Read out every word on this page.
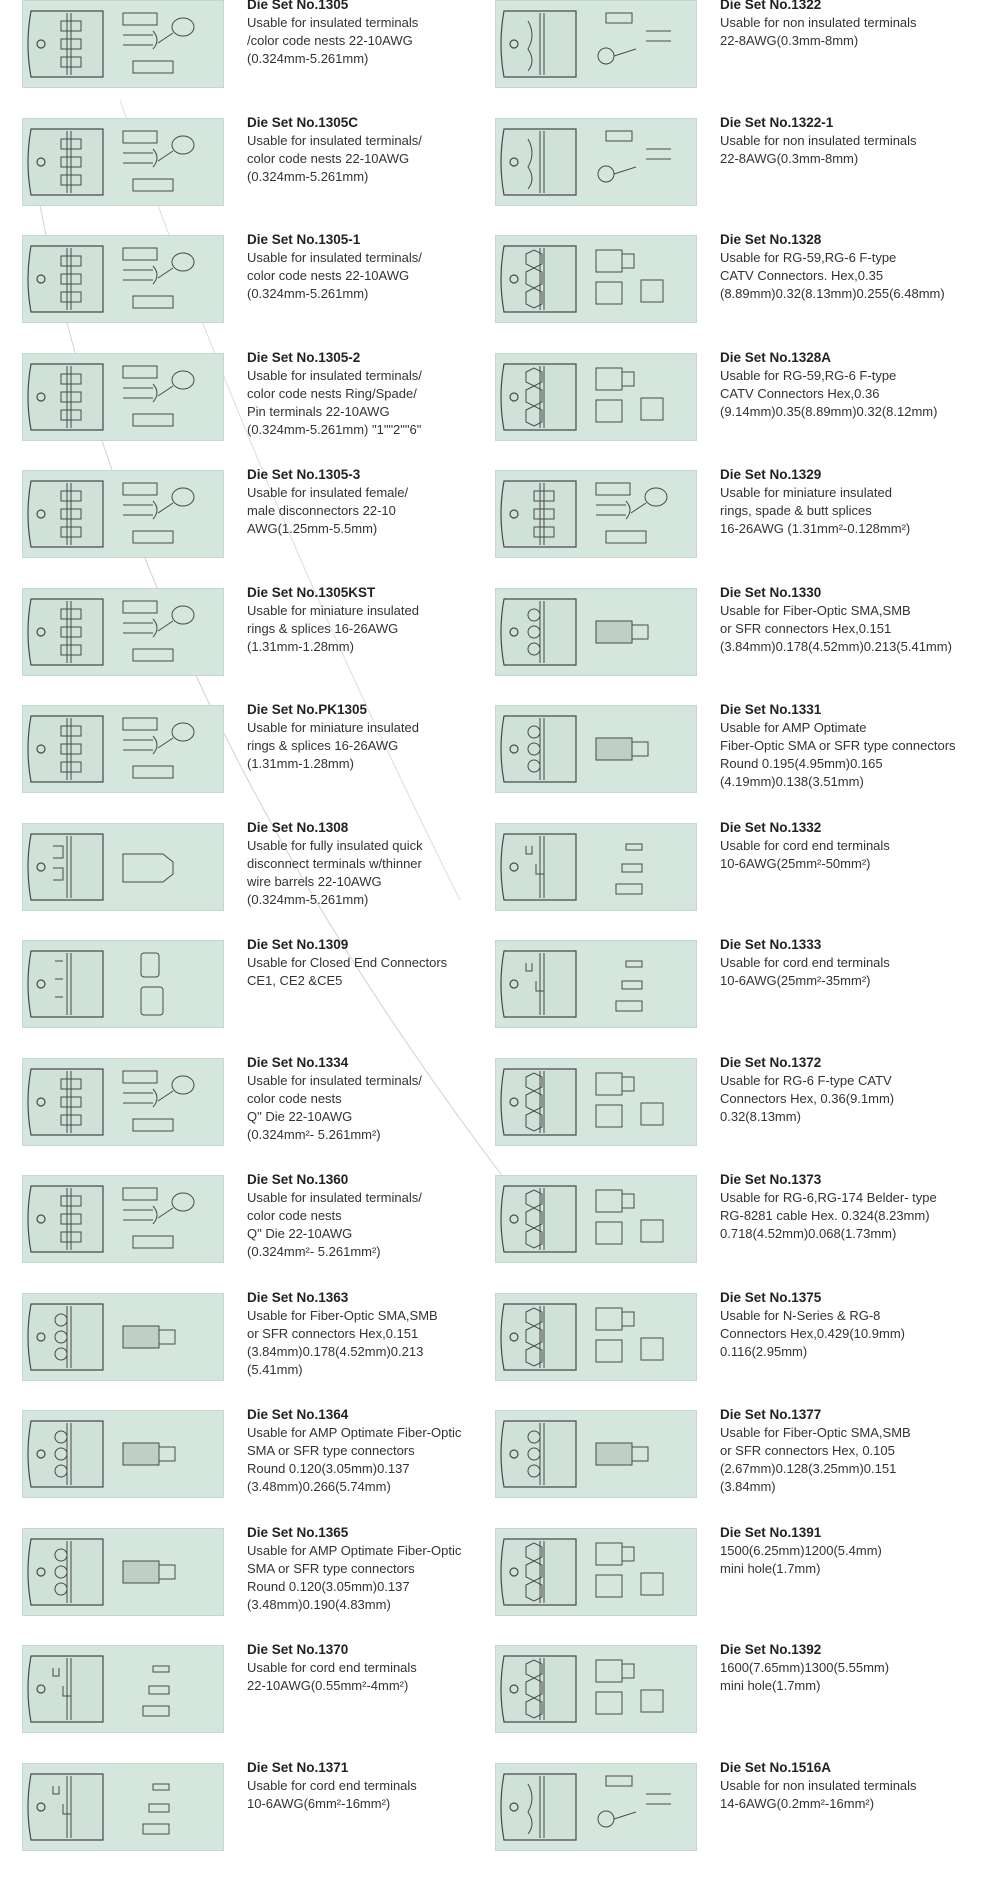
Die Set No.1305
Usable for insulated terminals
/color code nests 22-10AWG
(0.324mm-5.261mm)
Die Set No.1305C
Usable for insulated terminals/
color code nests 22-10AWG
(0.324mm-5.261mm)
Die Set No.1305-1
Usable for insulated terminals/
color code nests 22-10AWG
(0.324mm-5.261mm)
Die Set No.1305-2
Usable for insulated terminals/
color code nests Ring/Spade/
Pin terminals 22-10AWG
(0.324mm-5.261mm) "1""2""6"
Die Set No.1305-3
Usable for insulated female/
male disconnectors 22-10
AWG(1.25mm-5.5mm)
Die Set No.1305KST
Usable for miniature insulated
rings & splices 16-26AWG
(1.31mm-1.28mm)
Die Set No.PK1305
Usable for miniature insulated
rings & splices 16-26AWG
(1.31mm-1.28mm)
Die Set No.1308
Usable for fully insulated quick
disconnect terminals w/thinner
wire barrels 22-10AWG
(0.324mm-5.261mm)
Die Set No.1309
Usable for Closed End Connectors
CE1, CE2 &CE5
Die Set No.1334
Usable for insulated terminals/
color code nests
Q" Die 22-10AWG
(0.324mm²- 5.261mm²)
Die Set No.1360
Usable for insulated terminals/
color code nests
Q" Die 22-10AWG
(0.324mm²- 5.261mm²)
Die Set No.1363
Usable for Fiber-Optic SMA,SMB
or SFR connectors Hex,0.151
(3.84mm)0.178(4.52mm)0.213
(5.41mm)
Die Set No.1364
Usable for AMP Optimate Fiber-Optic
SMA or SFR type connectors
Round 0.120(3.05mm)0.137
(3.48mm)0.266(5.74mm)
Die Set No.1365
Usable for AMP Optimate Fiber-Optic
SMA or SFR type connectors
Round 0.120(3.05mm)0.137
(3.48mm)0.190(4.83mm)
Die Set No.1370
Usable for cord end terminals
22-10AWG(0.55mm²-4mm²)
Die Set No.1371
Usable for cord end terminals
10-6AWG(6mm²-16mm²)
Die Set No.1322
Usable for non insulated terminals
22-8AWG(0.3mm-8mm)
Die Set No.1322-1
Usable for non insulated terminals
22-8AWG(0.3mm-8mm)
Die Set No.1328
Usable for RG-59,RG-6 F-type
CATV Connectors. Hex,0.35
(8.89mm)0.32(8.13mm)0.255(6.48mm)
Die Set No.1328A
Usable for RG-59,RG-6 F-type
CATV Connectors Hex,0.36
(9.14mm)0.35(8.89mm)0.32(8.12mm)
Die Set No.1329
Usable for miniature insulated
rings, spade & butt splices
16-26AWG (1.31mm²-0.128mm²)
Die Set No.1330
Usable for Fiber-Optic SMA,SMB
or SFR connectors Hex,0.151
(3.84mm)0.178(4.52mm)0.213(5.41mm)
Die Set No.1331
Usable for AMP Optimate
Fiber-Optic SMA or SFR type connectors
Round 0.195(4.95mm)0.165
(4.19mm)0.138(3.51mm)
Die Set No.1332
Usable for cord end terminals
10-6AWG(25mm²-50mm²)
Die Set No.1333
Usable for cord end terminals
10-6AWG(25mm²-35mm²)
Die Set No.1372
Usable for RG-6 F-type CATV
Connectors Hex, 0.36(9.1mm)
0.32(8.13mm)
Die Set No.1373
Usable for RG-6,RG-174 Belder- type
RG-8281 cable Hex. 0.324(8.23mm)
0.718(4.52mm)0.068(1.73mm)
Die Set No.1375
Usable for N-Series & RG-8
Connectors Hex,0.429(10.9mm)
0.116(2.95mm)
Die Set No.1377
Usable for Fiber-Optic SMA,SMB
or SFR connectors Hex, 0.105
(2.67mm)0.128(3.25mm)0.151
(3.84mm)
Die Set No.1391
1500(6.25mm)1200(5.4mm)
mini hole(1.7mm)
Die Set No.1392
1600(7.65mm)1300(5.55mm)
mini hole(1.7mm)
Die Set No.1516A
Usable for non insulated terminals
14-6AWG(0.2mm²-16mm²)
